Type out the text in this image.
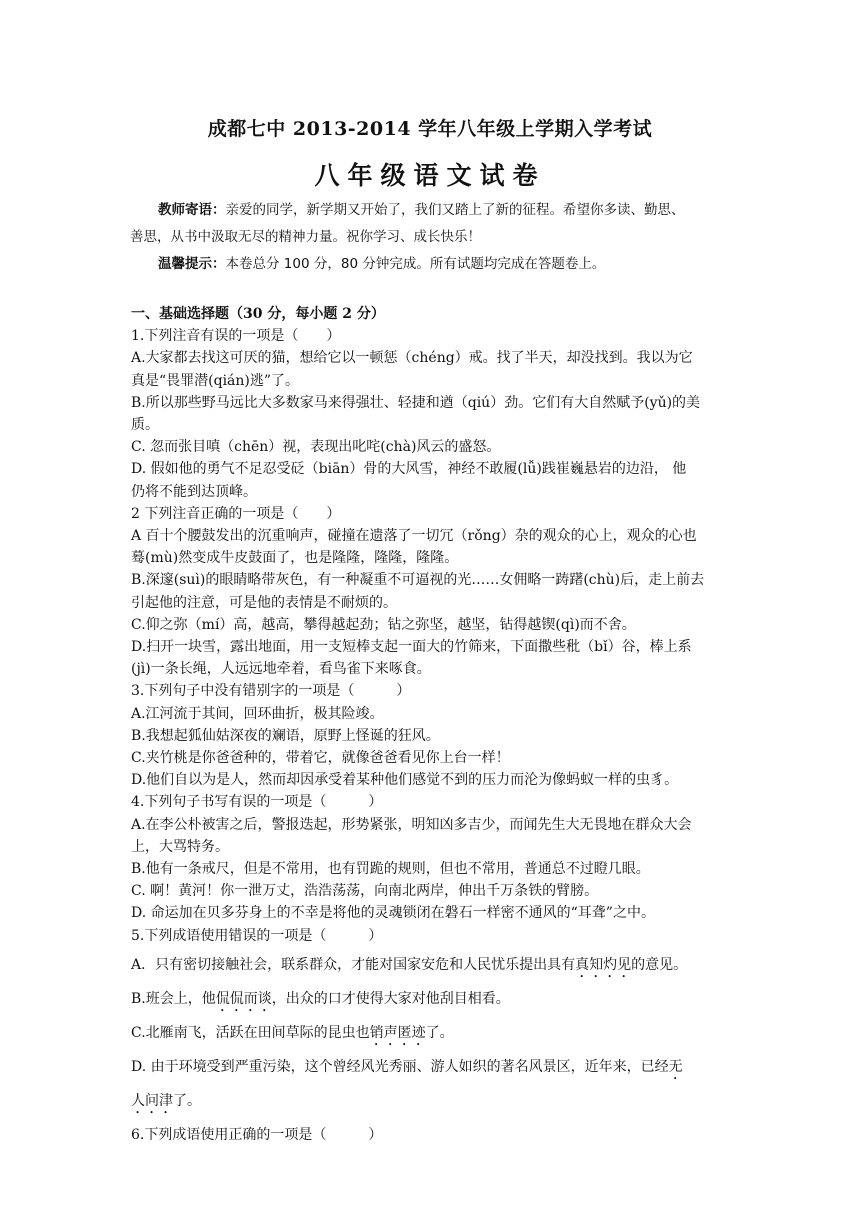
成都七中 2013-2014 学年八年级上学期入学考试
八年级语文试卷
教师寄语：亲爱的同学，新学期又开始了，我们又踏上了新的征程。希望你多读、勤思、
善思，从书中汲取无尽的精神力量。祝你学习、成长快乐！
温馨提示：本卷总分 100 分，80 分钟完成。所有试题均完成在答题卷上。

一、基础选择题（30 分，每小题 2 分）

1.下列注音有误的一项是（　　）

A.大家都去找这可厌的猫，想给它以一顿惩（chéng）戒。找了半天，却没找到。我以为它

真是“畏罪潜(qián)逃”了。

B.所以那些野马远比大多数家马来得强壮、轻捷和遒（qiú）劲。它们有大自然赋予(yǔ)的美

质。

C. 忽而张目嗔（chēn）视，表现出叱咤(chà)风云的盛怒。

D. 假如他的勇气不足忍受砭（biān）骨的大风雪，神经不敢履(lǚ)践崔巍悬岩的边沿， 他

仍将不能到达顶峰。

2 下列注音正确的一项是（　　）

A 百十个腰鼓发出的沉重响声，碰撞在遗落了一切冗（rǒng）杂的观众的心上，观众的心也

蓦(mù)然变成牛皮鼓面了，也是隆隆，隆隆，隆隆。

B.深邃(suì)的眼睛略带灰色，有一种凝重不可逼视的光……女佣略一踌躇(chù)后，走上前去

引起他的注意，可是他的表情是不耐烦的。

C.仰之弥（mí）高，越高，攀得越起劲；钻之弥坚，越坚，钻得越锲(qì)而不舍。

D.扫开一块雪，露出地面，用一支短棒支起一面大的竹筛来，下面撒些秕（bǐ）谷，棒上系

(jì)一条长绳，人远远地牵着，看鸟雀下来啄食。

3.下列句子中没有错别字的一项是（　　　）

A.江河流于其间，回环曲折，极其险竣。

B.我想起狐仙姑深夜的斓语，原野上怪诞的狂风。

C.夹竹桃是你爸爸种的，带着它，就像爸爸看见你上台一样！

D.他们自以为是人，然而却因承受着某种他们感觉不到的压力而沦为像蚂蚁一样的虫豸。

4.下列句子书写有误的一项是（　　　）

A.在李公朴被害之后，警报迭起，形势紧张，明知凶多吉少，而闻先生大无畏地在群众大会

上，大骂特务。

B.他有一条戒尺，但是不常用，也有罚跪的规则，但也不常用，普通总不过瞪几眼。

C. 啊！黄河！你一泄万丈，浩浩荡荡，向南北两岸，伸出千万条铁的臂膀。

D. 命运加在贝多芬身上的不幸是将他的灵魂锁闭在磐石一样密不通风的“耳聋”之中。

5.下列成语使用错误的一项是（　　　）

A．只有密切接触社会，联系群众，才能对国家安危和人民忧乐提出具有真知灼见的意见。

B.班会上，他侃侃而谈，出众的口才使得大家对他刮目相看。

C.北雁南飞，活跃在田间草际的昆虫也销声匿迹了。

D. 由于环境受到严重污染，这个曾经风光秀丽、游人如织的著名风景区，近年来，已经无

人问津了。

6.下列成语使用正确的一项是（　　　）
